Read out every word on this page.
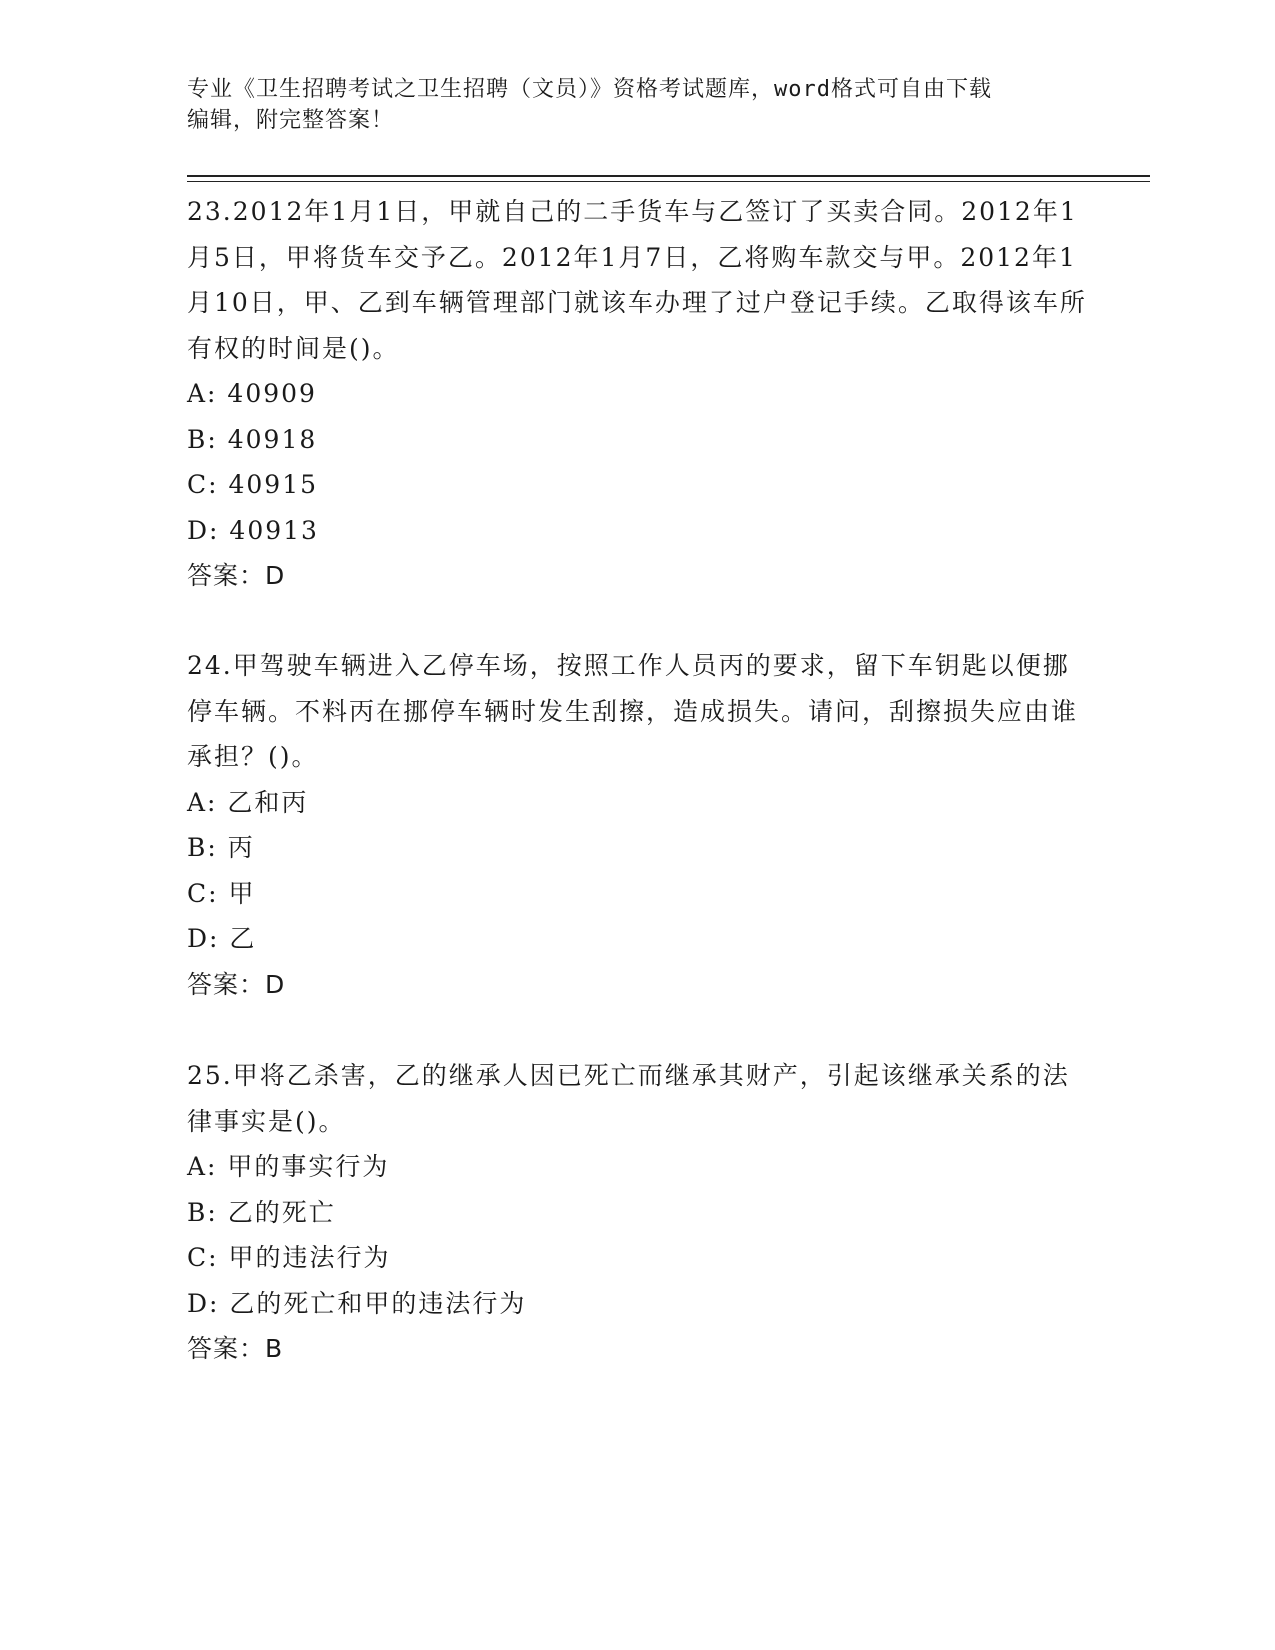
专业《卫生招聘考试之卫生招聘（文员）》资格考试题库，word格式可自由下载
编辑，附完整答案！

23.2012年1月1日，甲就自己的二手货车与乙签订了买卖合同。2012年1月5日，甲将货车交予乙。2012年1月7日，乙将购车款交与甲。2012年1月10日，甲、乙到车辆管理部门就该车办理了过户登记手续。乙取得该车所有权的时间是()。

A: 40909

B: 40918

C: 40915

D: 40913

答案：D

24.甲驾驶车辆进入乙停车场，按照工作人员丙的要求，留下车钥匙以便挪停车辆。不料丙在挪停车辆时发生刮擦，造成损失。请问，刮擦损失应由谁承担？()。

A: 乙和丙

B: 丙

C: 甲

D: 乙

答案：D

25.甲将乙杀害，乙的继承人因已死亡而继承其财产，引起该继承关系的法律事实是()。

A: 甲的事实行为

B: 乙的死亡

C: 甲的违法行为

D: 乙的死亡和甲的违法行为

答案：B
